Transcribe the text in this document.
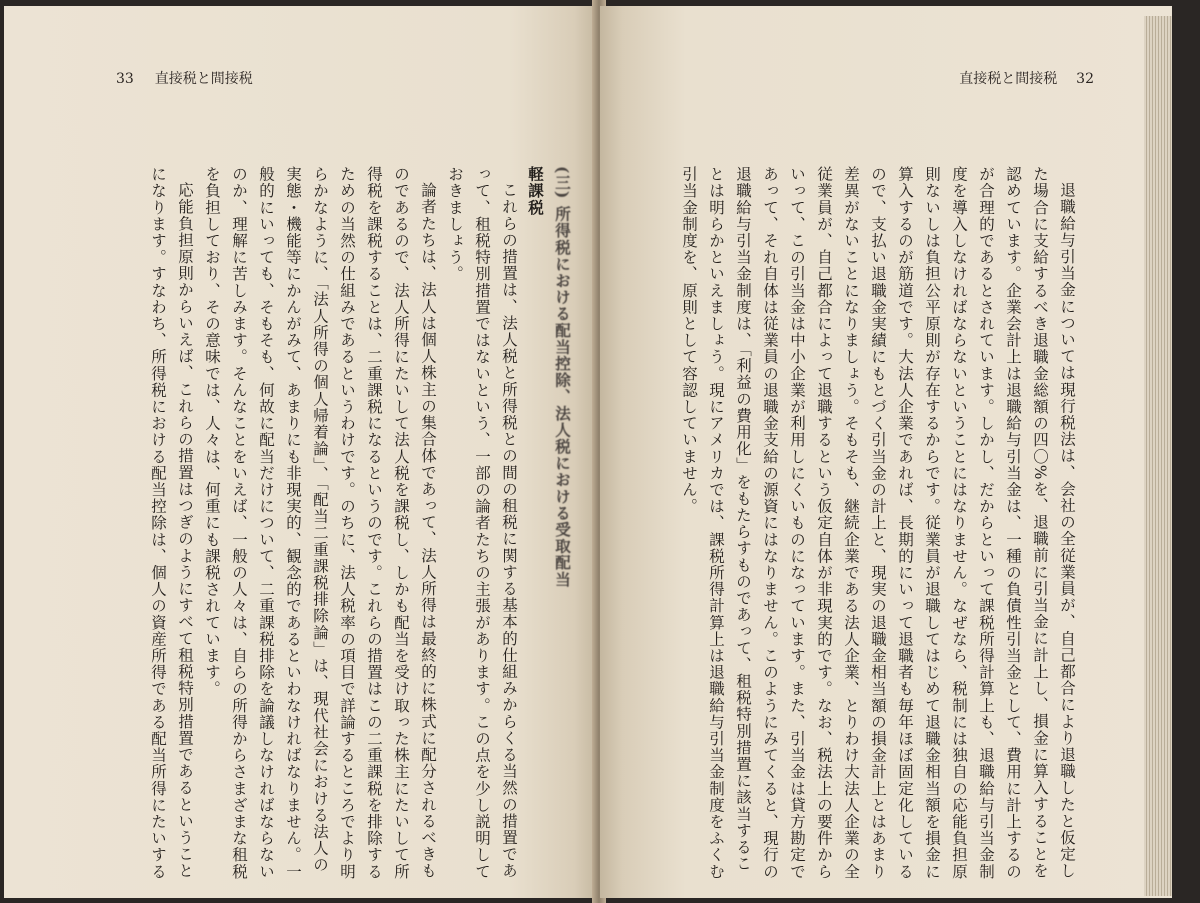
33 直接税と間接税
(三) 所得税における配当控除、法人税における受取配当
軽課税
これらの措置は、法人税と所得税との間の租税に関する基本的仕組みからくる当然の措置であ
って、租税特別措置ではないという、一部の論者たちの主張があります。この点を少し説明して
おきましょう。
論者たちは、法人は個人株主の集合体であって、法人所得は最終的に株式に配分されるべきも
のであるので、法人所得にたいして法人税を課税し、しかも配当を受け取った株主にたいして所
得税を課税することは、二重課税になるというのです。これらの措置はこの二重課税を排除する
ための当然の仕組みであるというわけです。のちに、法人税率の項目で詳論するところでより明
らかなように、「法人所得の個人帰着論」、「配当二重課税排除論」は、現代社会における法人の
実態・機能等にかんがみて、あまりにも非現実的、観念的であるといわなければなりません。一
般的にいっても、そもそも、何故に配当だけについて、二重課税排除を論議しなければならない
のか、理解に苦しみます。そんなことをいえば、一般の人々は、自らの所得からさまざまな租税
を負担しており、その意味では、人々は、何重にも課税されています。
応能負担原則からいえば、これらの措置はつぎのようにすべて租税特別措置であるということ
になります。すなわち、所得税における配当控除は、個人の資産所得である配当所得にたいする
直接税と間接税 32
退職給与引当金については現行税法は、会社の全従業員が、自己都合により退職したと仮定し
た場合に支給するべき退職金総額の四〇%を、退職前に引当金に計上し、損金に算入することを
認めています。企業会計上は退職給与引当金は、一種の負債性引当金として、費用に計上するの
が合理的であるとされています。しかし、だからといって課税所得計算上も、退職給与引当金制
度を導入しなければならないということにはなりません。なぜなら、税制には独自の応能負担原
則ないしは負担公平原則が存在するからです。従業員が退職してはじめて退職金相当額を損金に
算入するのが筋道です。大法人企業であれば、長期的にいって退職者も毎年ほぼ固定化している
ので、支払い退職金実績にもとづく引当金の計上と、現実の退職金相当額の損金計上とはあまり
差異がないことになりましょう。そもそも、継続企業である法人企業、とりわけ大法人企業の全
従業員が、自己都合によって退職するという仮定自体が非現実的です。なお、税法上の要件から
いって、この引当金は中小企業が利用しにくいものになっています。また、引当金は貸方勘定で
あって、それ自体は従業員の退職金支給の源資にはなりません。このようにみてくると、現行の
退職給与引当金制度は、「利益の費用化」をもたらすものであって、租税特別措置に該当するこ
とは明らかといえましょう。現にアメリカでは、課税所得計算上は退職給与引当金制度をふくむ
引当金制度を、原則として容認していません。
